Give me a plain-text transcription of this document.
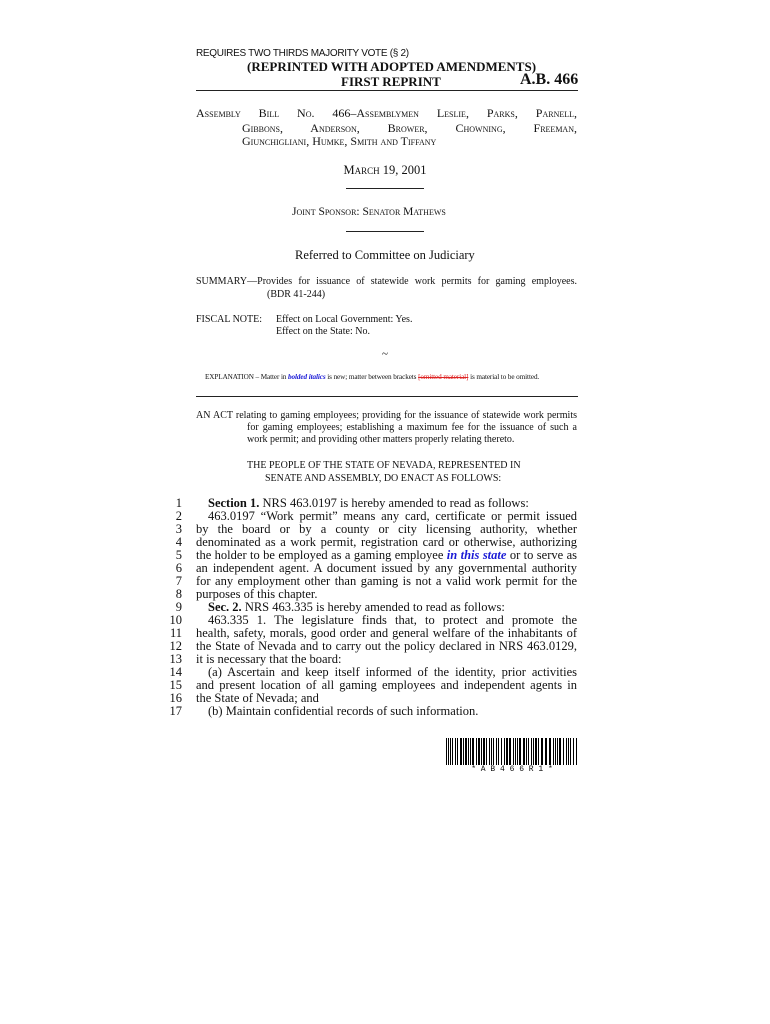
REQUIRES TWO THIRDS MAJORITY VOTE (§ 2)
(REPRINTED WITH ADOPTED AMENDMENTS)
FIRST REPRINT	A.B. 466
Assembly Bill No. 466–Assemblymen Leslie, Parks, Parnell,
Gibbons, Anderson, Brower, Chowning, Freeman,
Giunchigliani, Humke, Smith and Tiffany
March 19, 2001
Joint Sponsor: Senator Mathews
Referred to Committee on Judiciary
SUMMARY—Provides for issuance of statewide work permits for gaming employees.
(BDR 41-244)
FISCAL NOTE: Effect on Local Government: Yes.
Effect on the State: No.
~
EXPLANATION – Matter in bolded italics is new; matter between brackets [omitted material] is material to be omitted.
AN ACT relating to gaming employees; providing for the issuance of statewide work permits
for gaming employees; establishing a maximum fee for the issuance of such a
work permit; and providing other matters properly relating thereto.
THE PEOPLE OF THE STATE OF NEVADA, REPRESENTED IN
SENATE AND ASSEMBLY, DO ENACT AS FOLLOWS:
1
2
3
4
5
6
7
8
9
10
11
12
13
14
15
16
17
Section 1. NRS 463.0197 is hereby amended to read as follows:
463.0197 “Work permit” means any card, certificate or permit issued
by the board or by a county or city licensing authority, whether
denominated as a work permit, registration card or otherwise, authorizing
the holder to be employed as a gaming employee in this state or to serve as
an independent agent. A document issued by any governmental authority
for any employment other than gaming is not a valid work permit for the
purposes of this chapter.
Sec. 2. NRS 463.335 is hereby amended to read as follows:
463.335 1. The legislature finds that, to protect and promote the
health, safety, morals, good order and general welfare of the inhabitants of
the State of Nevada and to carry out the policy declared in NRS 463.0129,
it is necessary that the board:
(a) Ascertain and keep itself informed of the identity, prior activities
and present location of all gaming employees and independent agents in
the State of Nevada; and
(b) Maintain confidential records of such information.
* A B 4 6 6 R 1 *
